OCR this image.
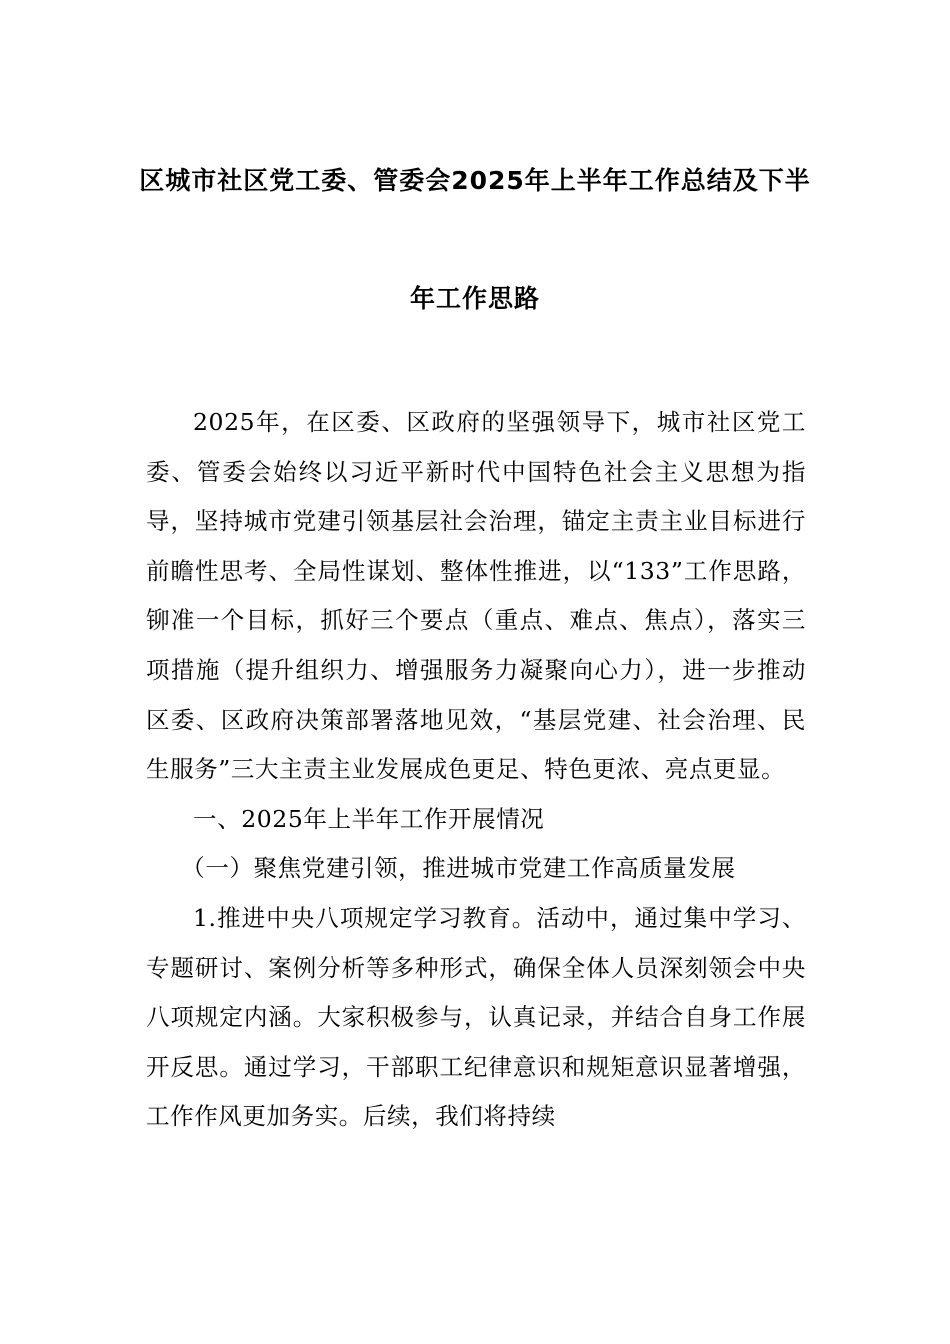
区城市社区党工委、管委会2025年上半年工作总结及下半
年工作思路

2025年，在区委、区政府的坚强领导下，城市社区党工委、管委会始终以习近平新时代中国特色社会主义思想为指导，坚持城市党建引领基层社会治理，锚定主责主业目标进行前瞻性思考、全局性谋划、整体性推进，以“133”工作思路，铆准一个目标，抓好三个要点（重点、难点、焦点），落实三项措施（提升组织力、增强服务力凝聚向心力），进一步推动区委、区政府决策部署落地见效，“基层党建、社会治理、民生服务”三大主责主业发展成色更足、特色更浓、亮点更显。

一、2025年上半年工作开展情况

（一）聚焦党建引领，推进城市党建工作高质量发展

1.推进中央八项规定学习教育。活动中，通过集中学习、专题研讨、案例分析等多种形式，确保全体人员深刻领会中央八项规定内涵。大家积极参与，认真记录，并结合自身工作展开反思。通过学习，干部职工纪律意识和规矩意识显著增强，工作作风更加务实。后续，我们将持续
